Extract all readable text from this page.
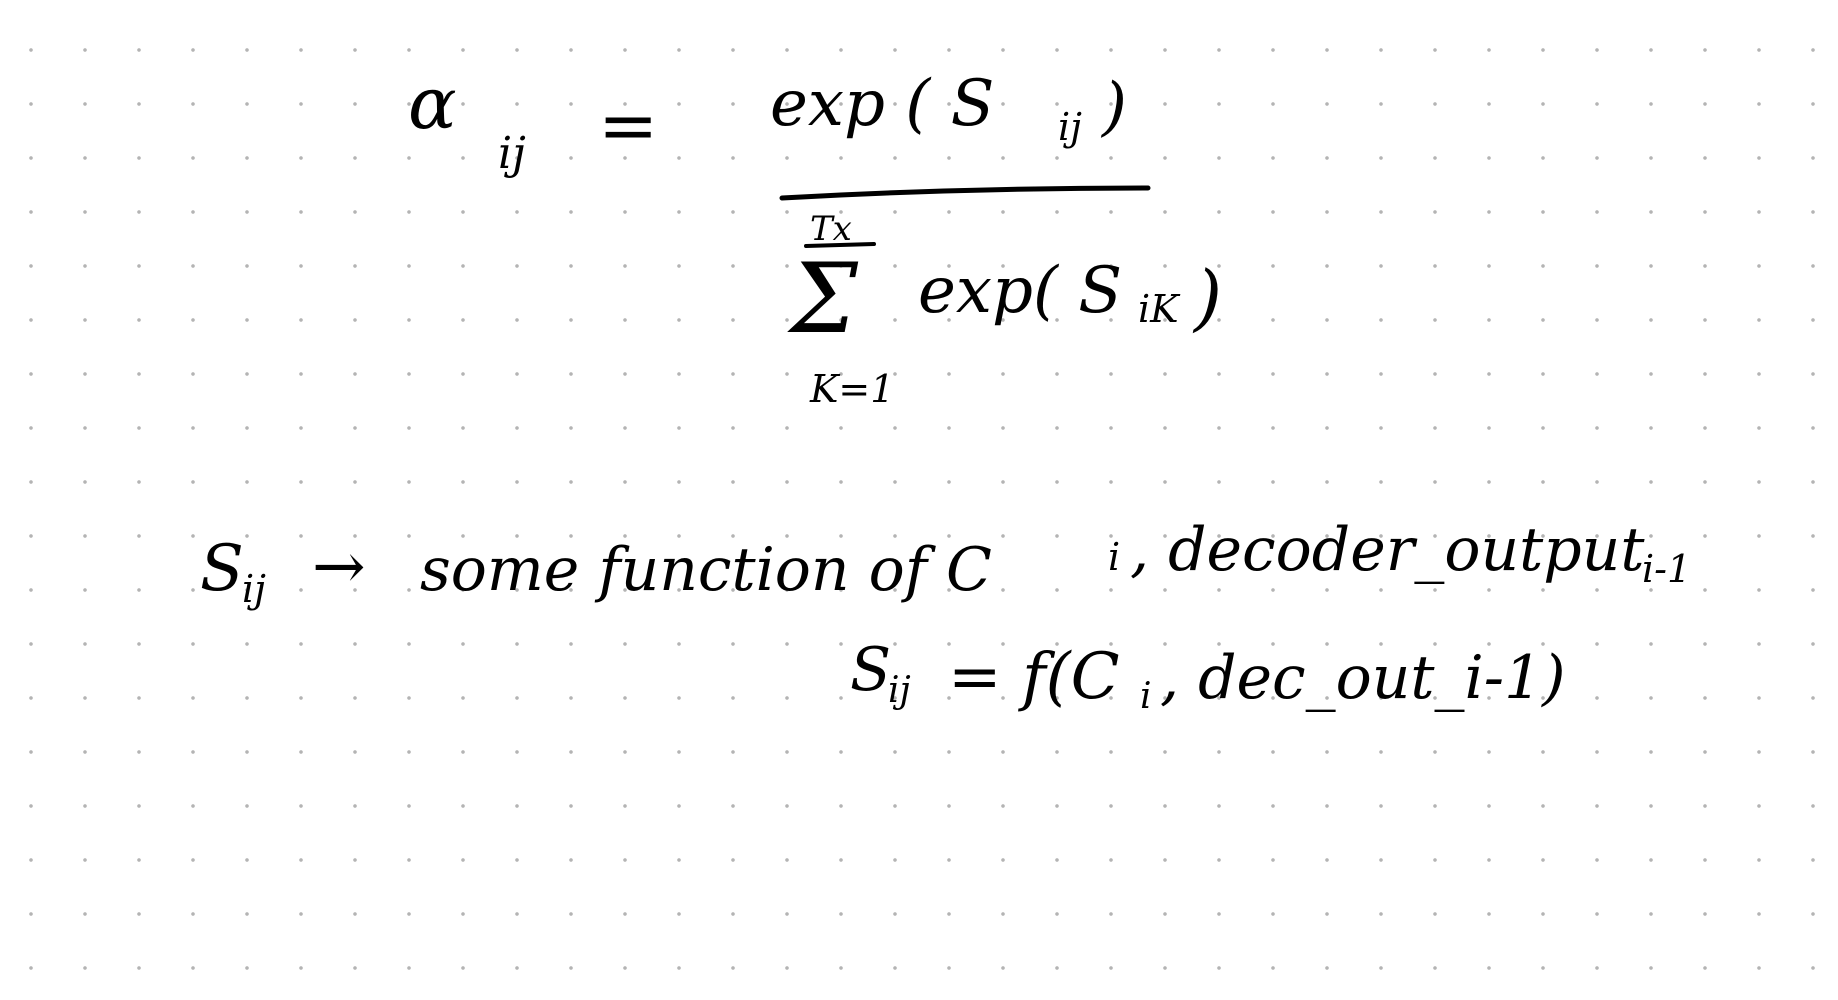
α
ij = exp ( S ij )
Tx
Σ exp( S iK )
K=1
S
ij → some function of C	i , decoder_output
i-1
S
ij = f(C i , dec_out_i-1)
